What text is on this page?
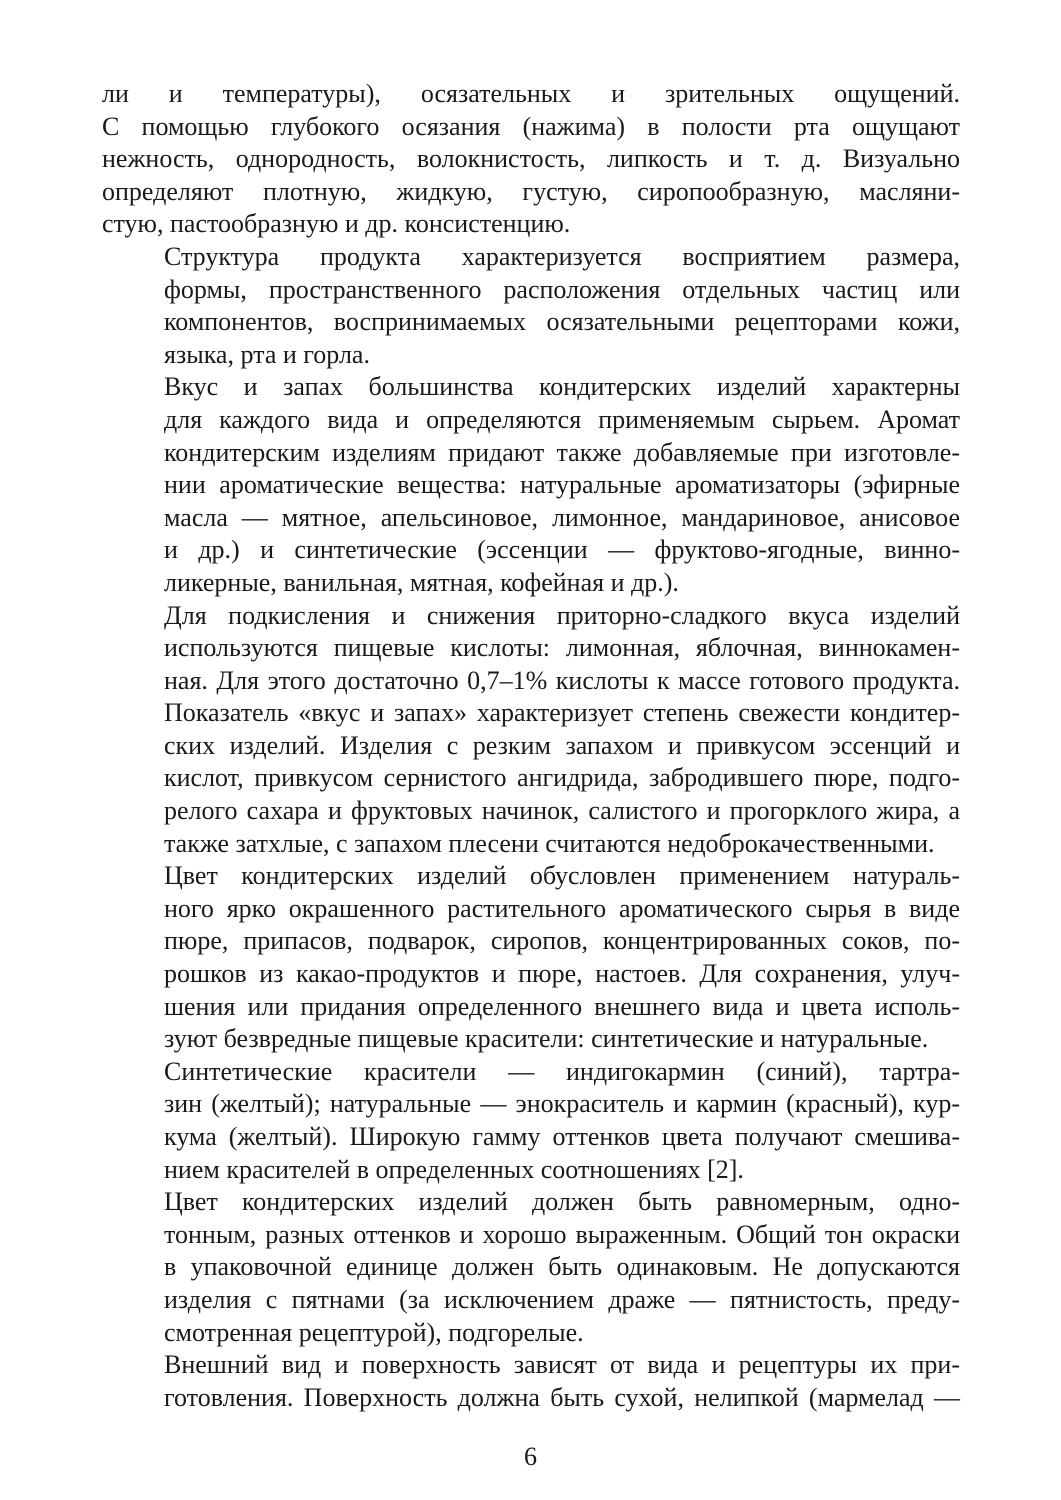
ли и температуры), осязательных и зрительных ощущений.
С помощью глубокого осязания (нажима) в полости рта ощущают
нежность, однородность, волокнистость, липкость и т. д. Визуально
определяют плотную, жидкую, густую, сиропообразную, масляни-
стую, пастообразную и др. консистенцию.

Структура продукта характеризуется восприятием размера,
формы, пространственного расположения отдельных частиц или
компонентов, воспринимаемых осязательными рецепторами кожи,
языка, рта и горла.

Вкус и запах большинства кондитерских изделий характерны
для каждого вида и определяются применяемым сырьем. Аромат
кондитерским изделиям придают также добавляемые при изготовле-
нии ароматические вещества: натуральные ароматизаторы (эфирные
масла — мятное, апельсиновое, лимонное, мандариновое, анисовое
и др.) и синтетические (эссенции — фруктово-ягодные, винно-
ликерные, ванильная, мятная, кофейная и др.).

Для подкисления и снижения приторно-сладкого вкуса изделий
используются пищевые кислоты: лимонная, яблочная, виннокамен-
ная. Для этого достаточно 0,7–1% кислоты к массе готового продукта.
Показатель «вкус и запах» характеризует степень свежести кондитер-
ских изделий. Изделия с резким запахом и привкусом эссенций и
кислот, привкусом сернистого ангидрида, забродившего пюре, подго-
релого сахара и фруктовых начинок, салистого и прогорклого жира, а
также затхлые, с запахом плесени считаются недоброкачественными.

Цвет кондитерских изделий обусловлен применением натураль-
ного ярко окрашенного растительного ароматического сырья в виде
пюре, припасов, подварок, сиропов, концентрированных соков, по-
рошков из какао-продуктов и пюре, настоев. Для сохранения, улуч-
шения или придания определенного внешнего вида и цвета исполь-
зуют безвредные пищевые красители: синтетические и натуральные.

Синтетические красители — индигокармин (синий), тартра-
зин (желтый); натуральные — энокраситель и кармин (красный), кур-
кума (желтый). Широкую гамму оттенков цвета получают смешива-
нием красителей в определенных соотношениях [2].

Цвет кондитерских изделий должен быть равномерным, одно-
тонным, разных оттенков и хорошо выраженным. Общий тон окраски
в упаковочной единице должен быть одинаковым. Не допускаются
изделия с пятнами (за исключением драже — пятнистость, преду-
смотренная рецептурой), подгорелые.

Внешний вид и поверхность зависят от вида и рецептуры их при-
готовления. Поверхность должна быть сухой, нелипкой (мармелад —

6
